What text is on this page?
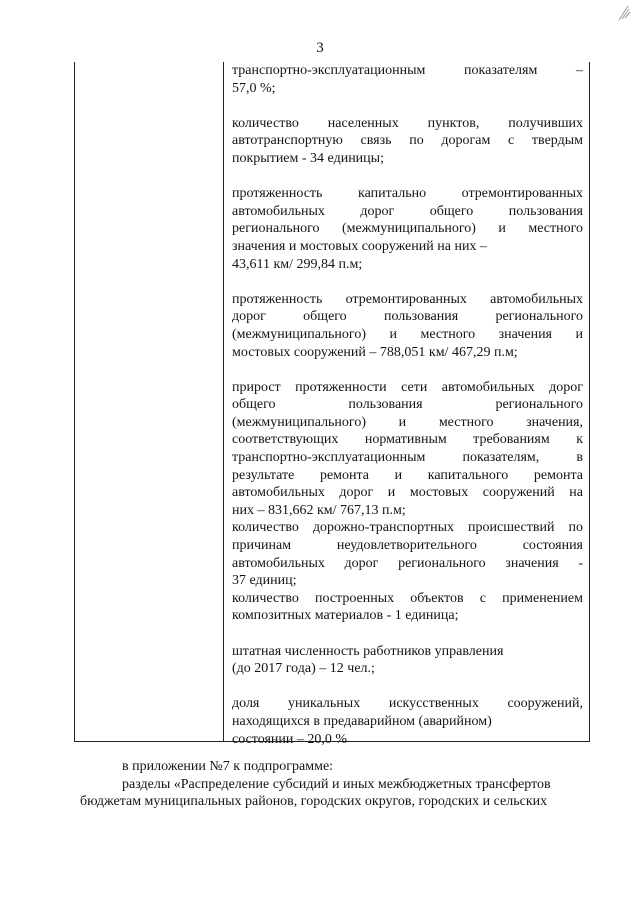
3
транспортно-эксплуатационным показателям –
57,0 %;
количество населенных пунктов, получивших
автотранспортную связь по дорогам с твердым
покрытием - 34 единицы;
протяженность капитально отремонтированных
автомобильных дорог общего пользования
регионального (межмуниципального) и местного
значения и мостовых сооружений на них –
43,611 км/ 299,84 п.м;
протяженность отремонтированных автомобильных
дорог общего пользования регионального
(межмуниципального) и местного значения и
мостовых сооружений – 788,051 км/ 467,29 п.м;
прирост протяженности сети автомобильных дорог
общего пользования регионального
(межмуниципального) и местного значения,
соответствующих нормативным требованиям к
транспортно-эксплуатационным показателям, в
результате ремонта и капитального ремонта
автомобильных дорог и мостовых сооружений на
них – 831,662 км/ 767,13 п.м;
количество дорожно-транспортных происшествий по
причинам неудовлетворительного состояния
автомобильных дорог регионального значения -
37 единиц;
количество построенных объектов с применением
композитных материалов - 1 единица;
штатная численность работников управления
(до 2017 года) – 12 чел.;
доля уникальных искусственных сооружений,
находящихся в предаварийном (аварийном)
состоянии – 20,0 %
в приложении №7 к подпрограмме:
разделы «Распределение субсидий и иных межбюджетных трансфертов
бюджетам муниципальных районов, городских округов, городских и сельских
